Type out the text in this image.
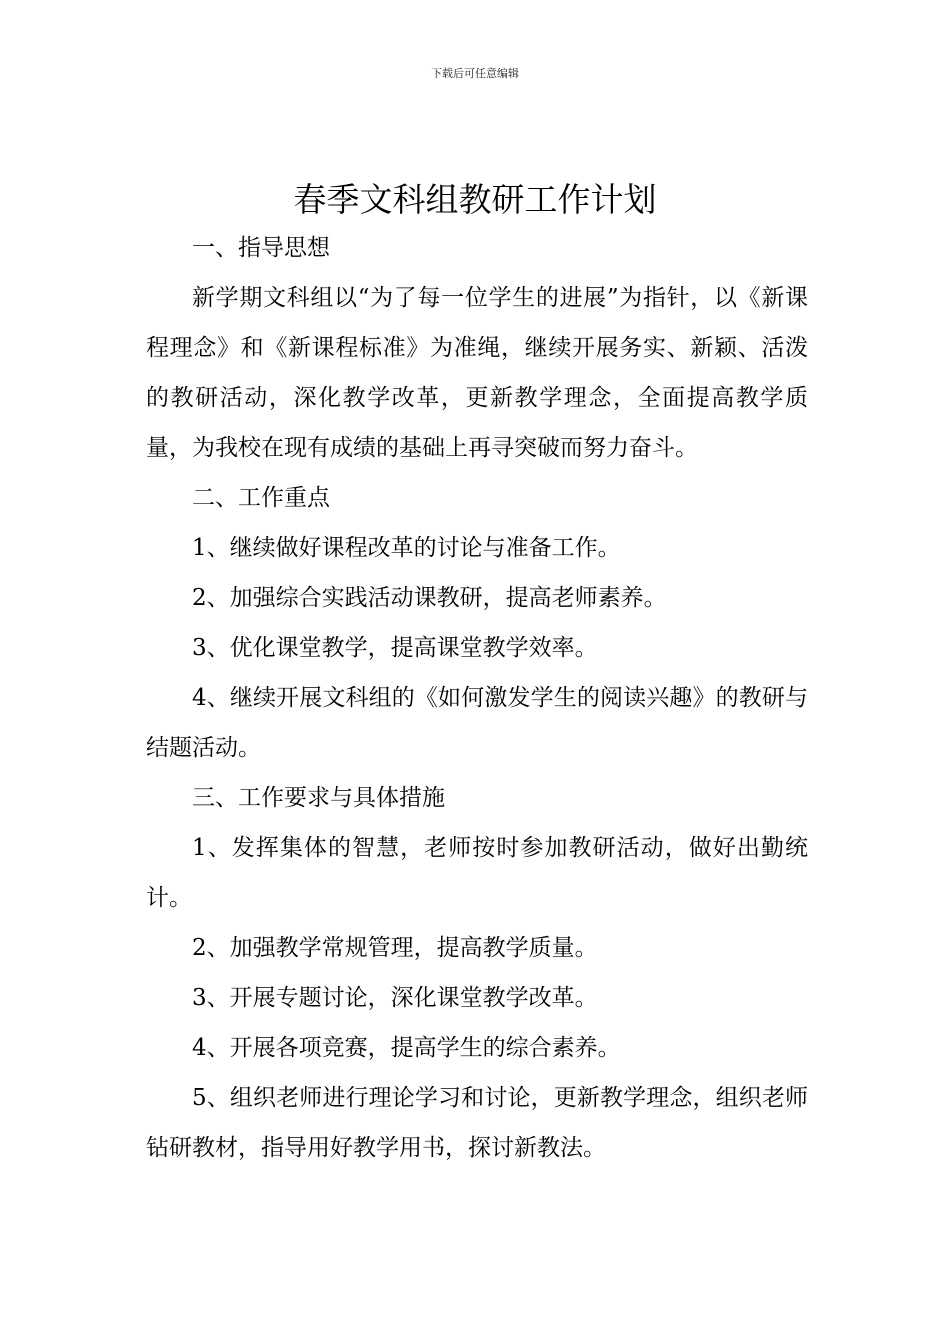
下载后可任意编辑
春季文科组教研工作计划

一、指导思想

新学期文科组以“为了每一位学生的进展”为指针，以《新课程理念》和《新课程标准》为准绳，继续开展务实、新颖、活泼的教研活动，深化教学改革，更新教学理念，全面提高教学质量，为我校在现有成绩的基础上再寻突破而努力奋斗。

二、工作重点

1、继续做好课程改革的讨论与准备工作。

2、加强综合实践活动课教研，提高老师素养。

3、优化课堂教学，提高课堂教学效率。

4、继续开展文科组的《如何激发学生的阅读兴趣》的教研与结题活动。

三、工作要求与具体措施

1、发挥集体的智慧，老师按时参加教研活动，做好出勤统计。

2、加强教学常规管理，提高教学质量。

3、开展专题讨论，深化课堂教学改革。

4、开展各项竞赛，提高学生的综合素养。

5、组织老师进行理论学习和讨论，更新教学理念，组织老师钻研教材，指导用好教学用书，探讨新教法。
